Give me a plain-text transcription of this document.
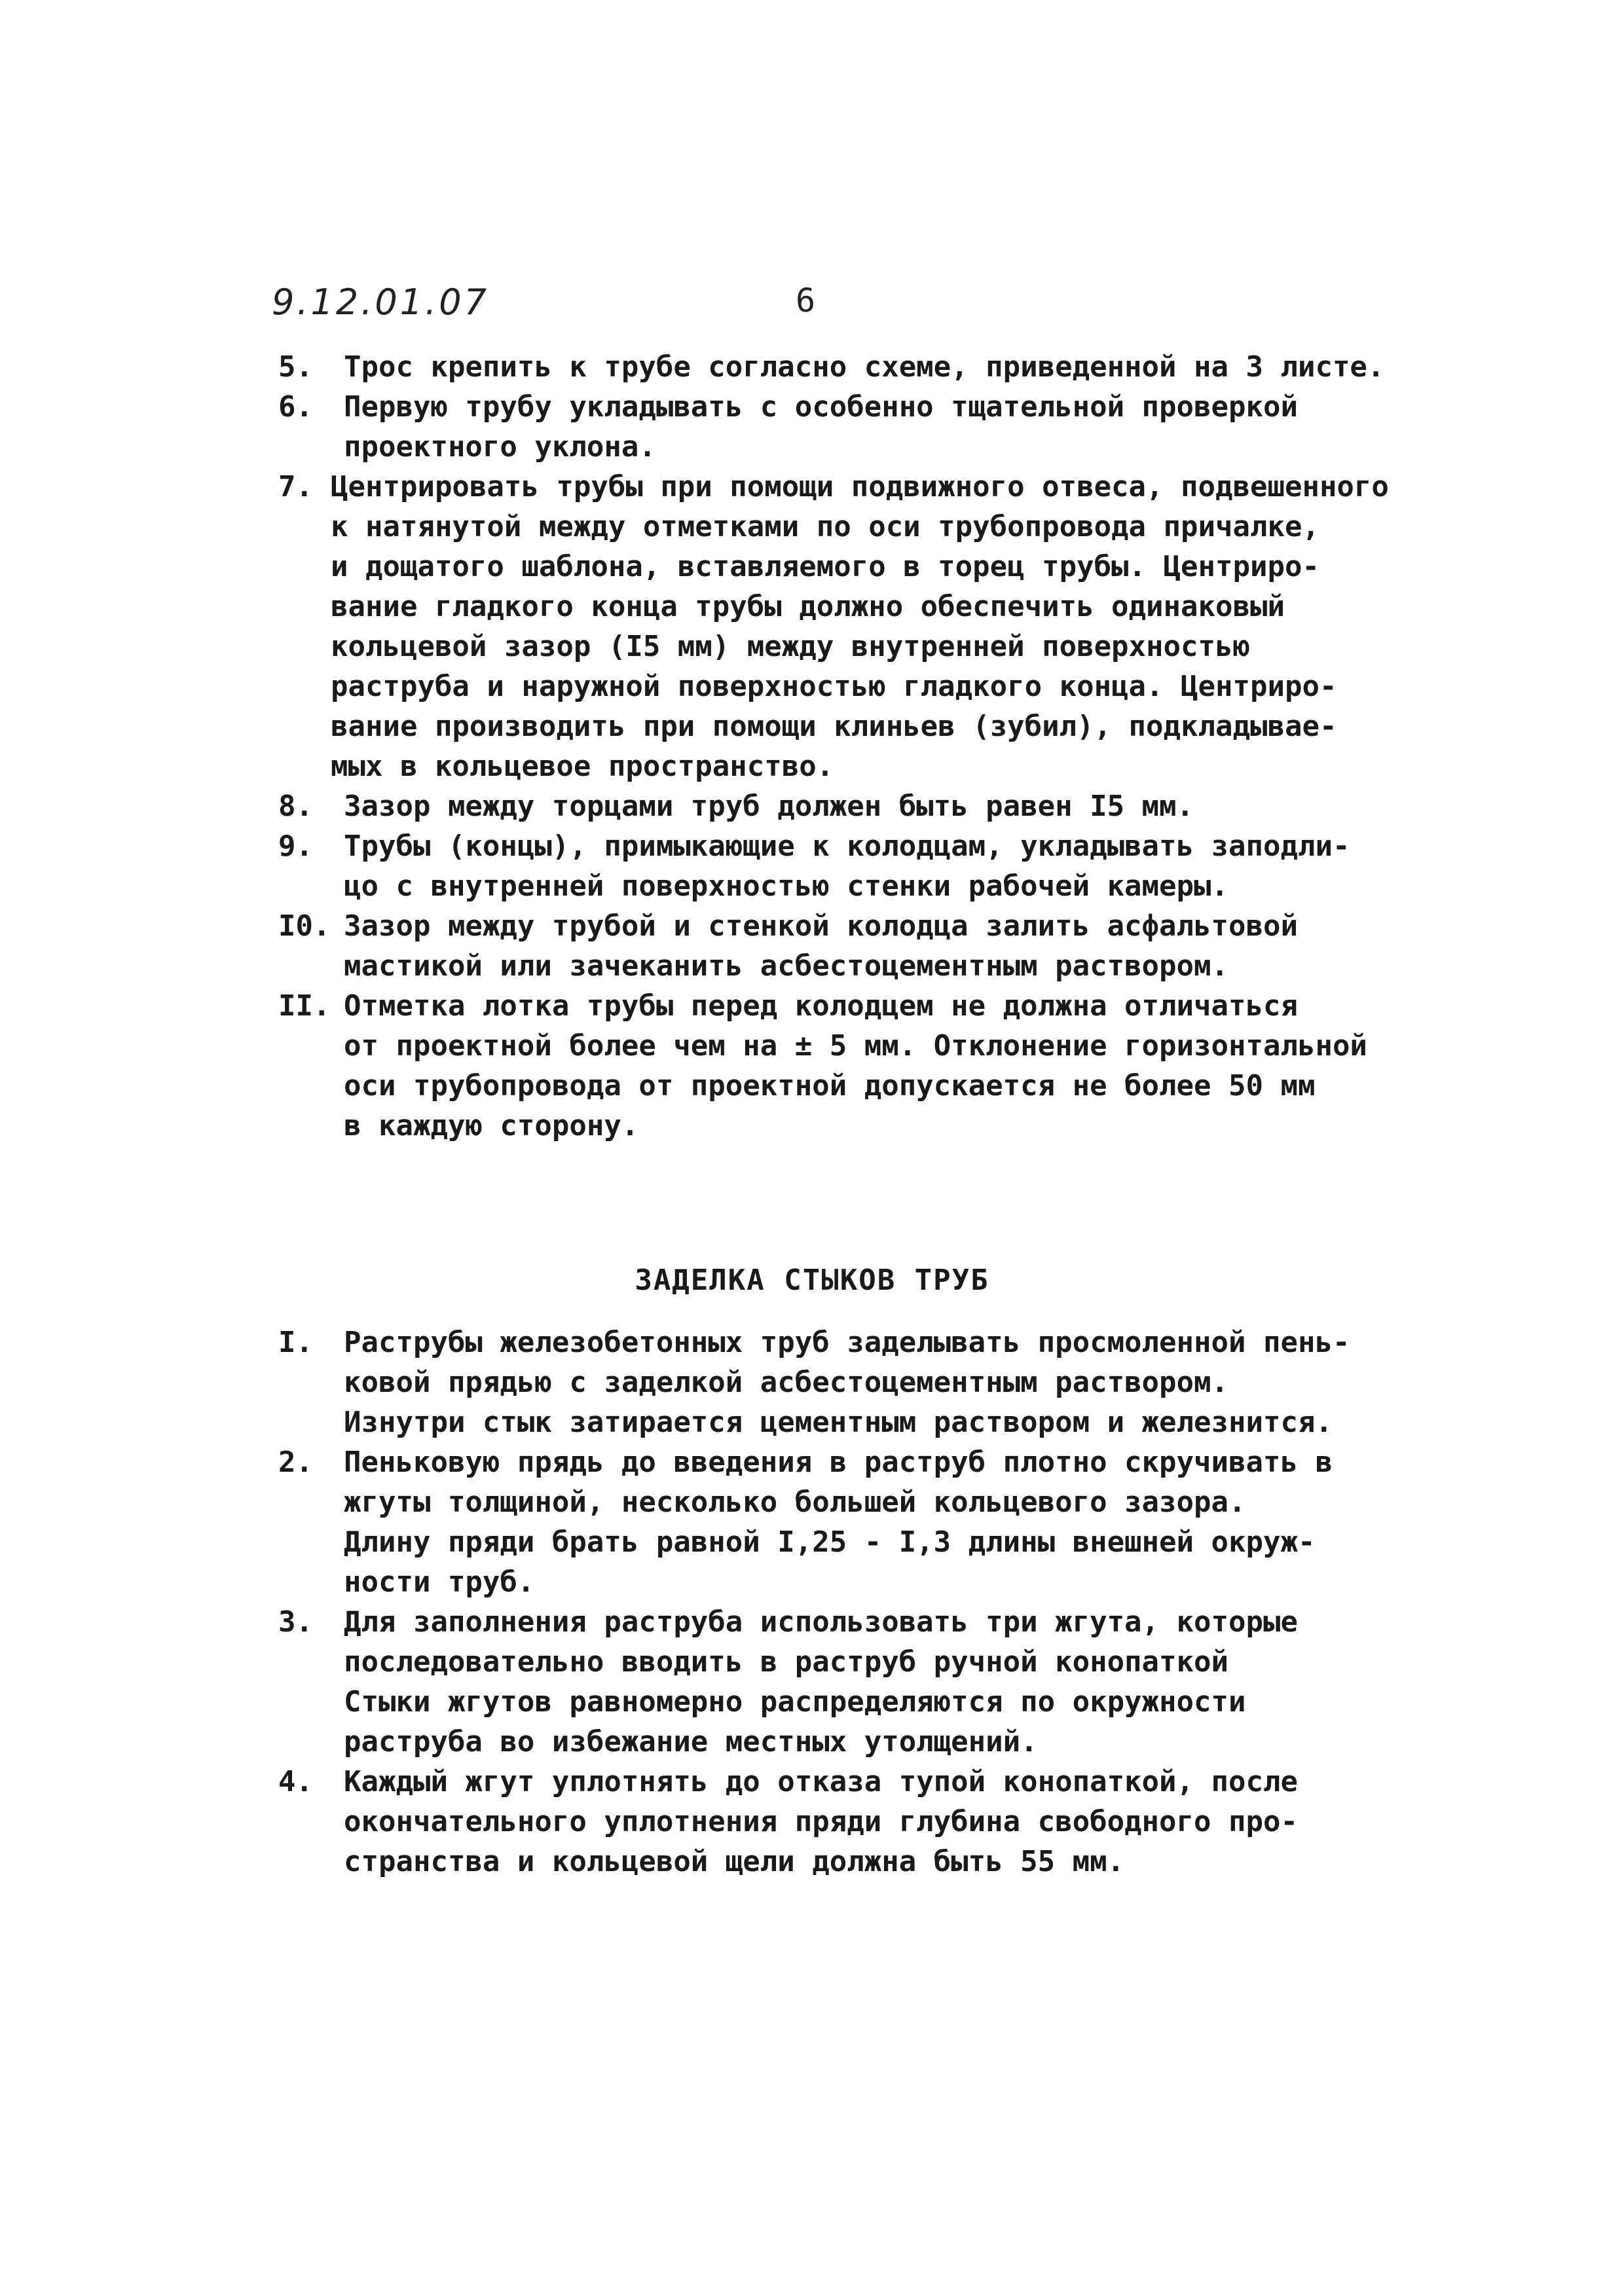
9.12.01.07	6
5.	Трос крепить к трубе согласно схеме, приведенной на 3 листе.
6.	Первую трубу укладывать с особенно тщательной проверкой
проектного уклона.
7. Центрировать трубы при помощи подвижного отвеса, подвешенного
к натянутой между отметками по оси трубопровода причалке,
и дощатого шаблона, вставляемого в торец трубы. Центриро-
вание гладкого конца трубы должно обеспечить одинаковый
кольцевой зазор (I5 мм) между внутренней поверхностью
раструба и наружной поверхностью гладкого конца. Центриро-
вание производить при помощи клиньев (зубил), подкладывае-
мых в кольцевое пространство.
8.	Зазор между торцами труб должен быть равен I5 мм.
9.	Трубы (концы), примыкающие к колодцам, укладывать заподли-
цо с внутренней поверхностью стенки рабочей камеры.
I0. Зазор между трубой и стенкой колодца залить асфальтовой
мастикой или зачеканить асбестоцементным раствором.
II. Отметка лотка трубы перед колодцем не должна отличаться
от проектной более чем на ± 5 мм. Отклонение горизонтальной
оси трубопровода от проектной допускается не более 50 мм
в каждую сторону.
ЗАДЕЛКА СТЫКОВ ТРУБ
I.	Раструбы железобетонных труб заделывать просмоленной пень-
ковой прядью с заделкой асбестоцементным раствором.
Изнутри стык затирается цементным раствором и железнится.
2.	Пеньковую прядь до введения в раструб плотно скручивать в
жгуты толщиной, несколько большей кольцевого зазора.
Длину пряди брать равной I,25 - I,3 длины внешней окруж-
ности труб.
3.	Для заполнения раструба использовать три жгута, которые
последовательно вводить в раструб ручной конопаткой
Стыки жгутов равномерно распределяются по окружности
раструба во избежание местных утолщений.
4.	Каждый жгут уплотнять до отказа тупой конопаткой, после
окончательного уплотнения пряди глубина свободного про-
странства и кольцевой щели должна быть 55 мм.
